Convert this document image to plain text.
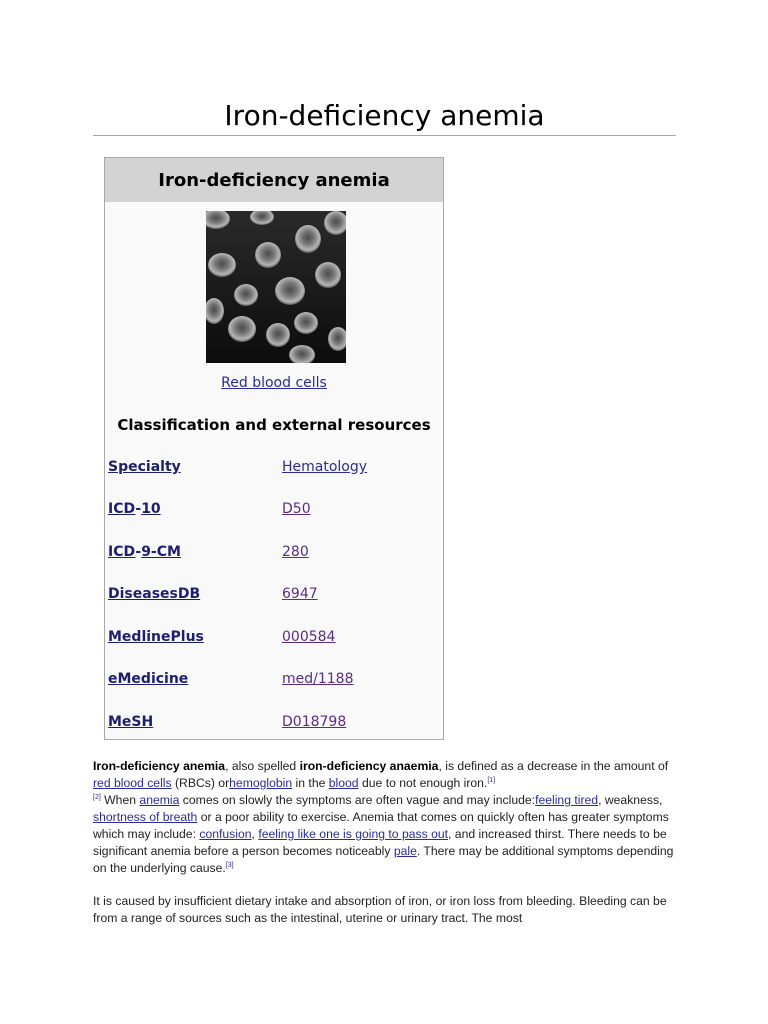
Iron-deficiency anemia
Iron-deficiency anemia
Red blood cells
Classification and external resources
Specialty	Hematology
ICD-10	D50
ICD-9-CM	280
DiseasesDB	6947
MedlinePlus	000584
eMedicine	med/1188
MeSH	D018798

Iron-deficiency anemia, also spelled iron-deficiency anaemia, is defined as a decrease in the amount of red blood cells (RBCs) orhemoglobin in the blood due to not enough iron.[1]
[2] When anemia comes on slowly the symptoms are often vague and may include:feeling tired, weakness, shortness of breath or a poor ability to exercise. Anemia that comes on quickly often has greater symptoms which may include: confusion, feeling like one is going to pass out, and increased thirst. There needs to be significant anemia before a person becomes noticeably pale. There may be additional symptoms depending on the underlying cause.[3]

It is caused by insufficient dietary intake and absorption of iron, or iron loss from bleeding. Bleeding can be from a range of sources such as the intestinal, uterine or urinary tract. The most
